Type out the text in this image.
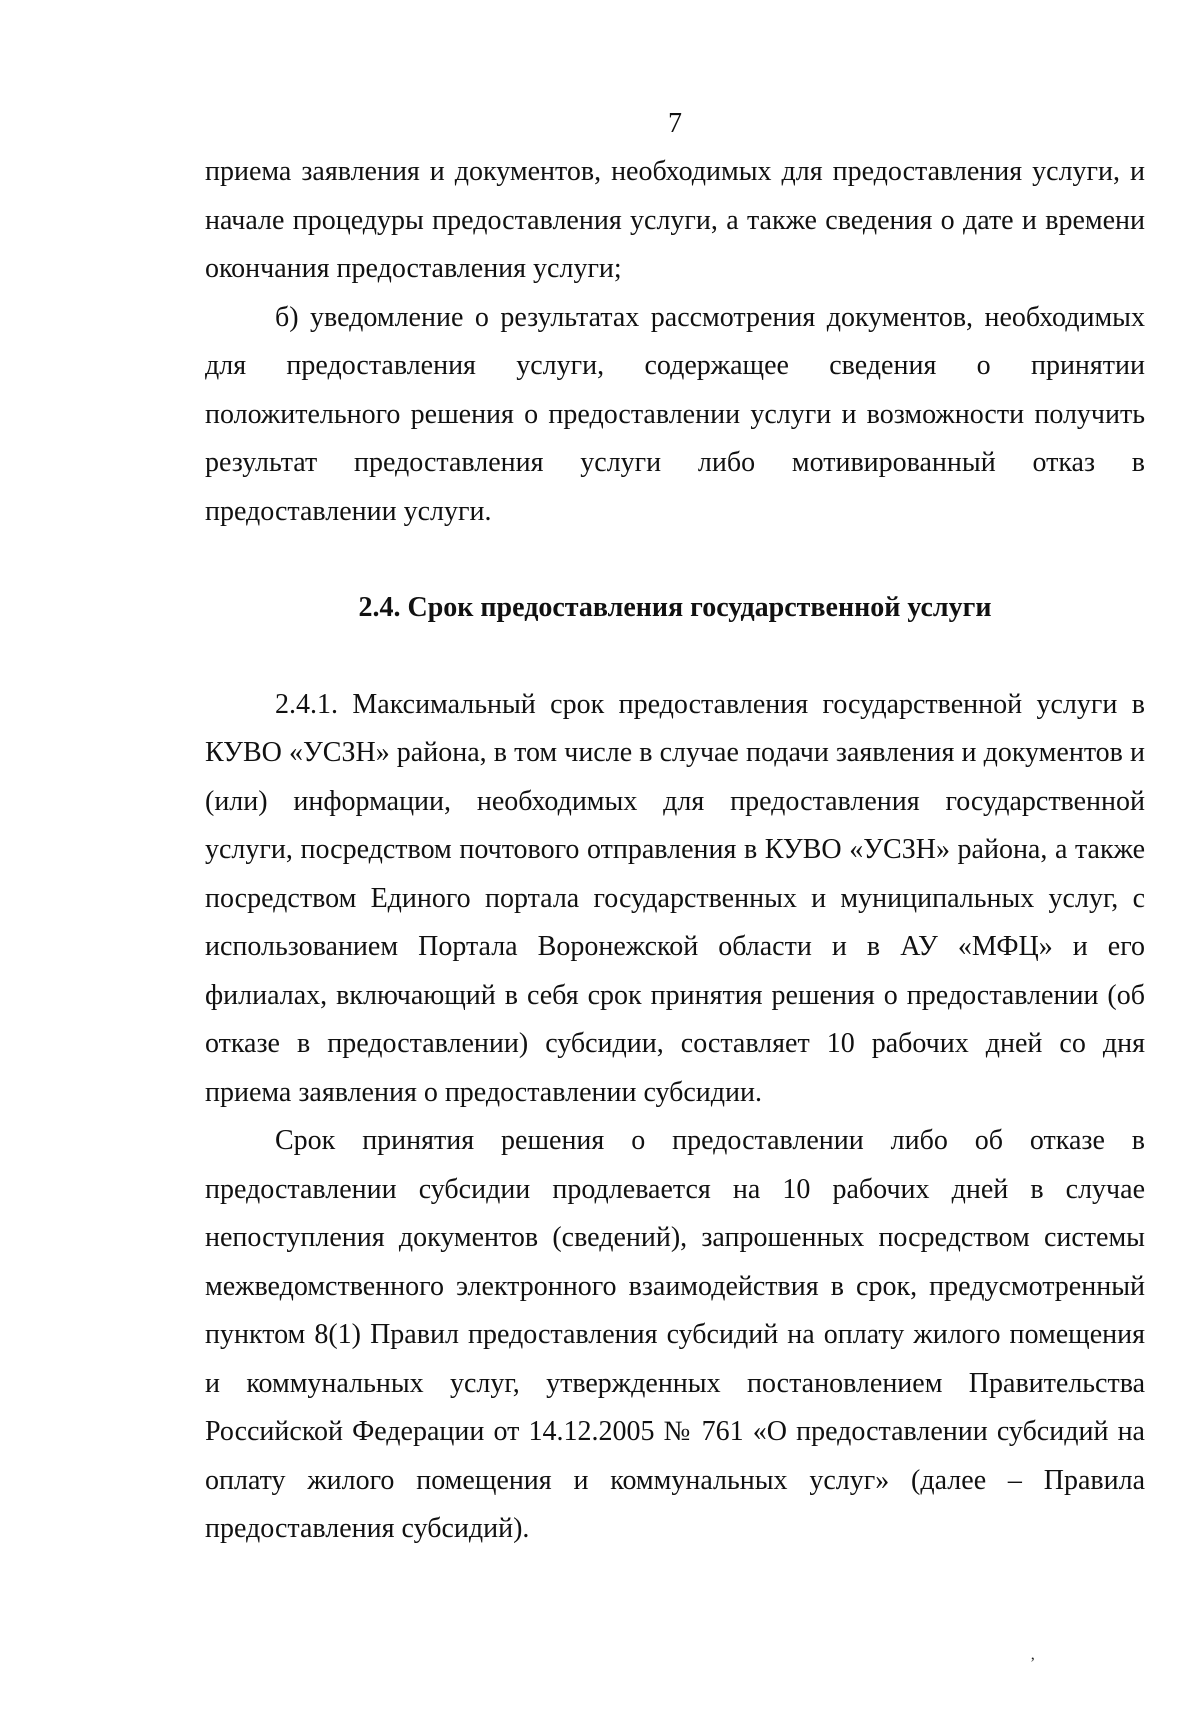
7

приема заявления и документов, необходимых для предоставления услуги, и начале процедуры предоставления услуги, а также сведения о дате и времени окончания предоставления услуги;

б) уведомление о результатах рассмотрения документов, необходимых для предоставления услуги, содержащее сведения о принятии положительного решения о предоставлении услуги и возможности получить результат предоставления услуги либо мотивированный отказ в предоставлении услуги.

2.4. Срок предоставления государственной услуги

2.4.1. Максимальный срок предоставления государственной услуги в КУВО «УСЗН» района, в том числе в случае подачи заявления и документов и (или) информации, необходимых для предоставления государственной услуги, посредством почтового отправления в КУВО «УСЗН» района, а также посредством Единого портала государственных и муниципальных услуг, с использованием Портала Воронежской области и в АУ «МФЦ» и его филиалах, включающий в себя срок принятия решения о предоставлении (об отказе в предоставлении) субсидии, составляет 10 рабочих дней со дня приема заявления о предоставлении субсидии.

Срок принятия решения о предоставлении либо об отказе в предоставлении субсидии продлевается на 10 рабочих дней в случае непоступления документов (сведений), запрошенных посредством системы межведомственного электронного взаимодействия в срок, предусмотренный пунктом 8(1) Правил предоставления субсидий на оплату жилого помещения и коммунальных услуг, утвержденных постановлением Правительства Российской Федерации от 14.12.2005 № 761 «О предоставлении субсидий на оплату жилого помещения и коммунальных услуг» (далее – Правила предоставления субсидий).

ʼ
